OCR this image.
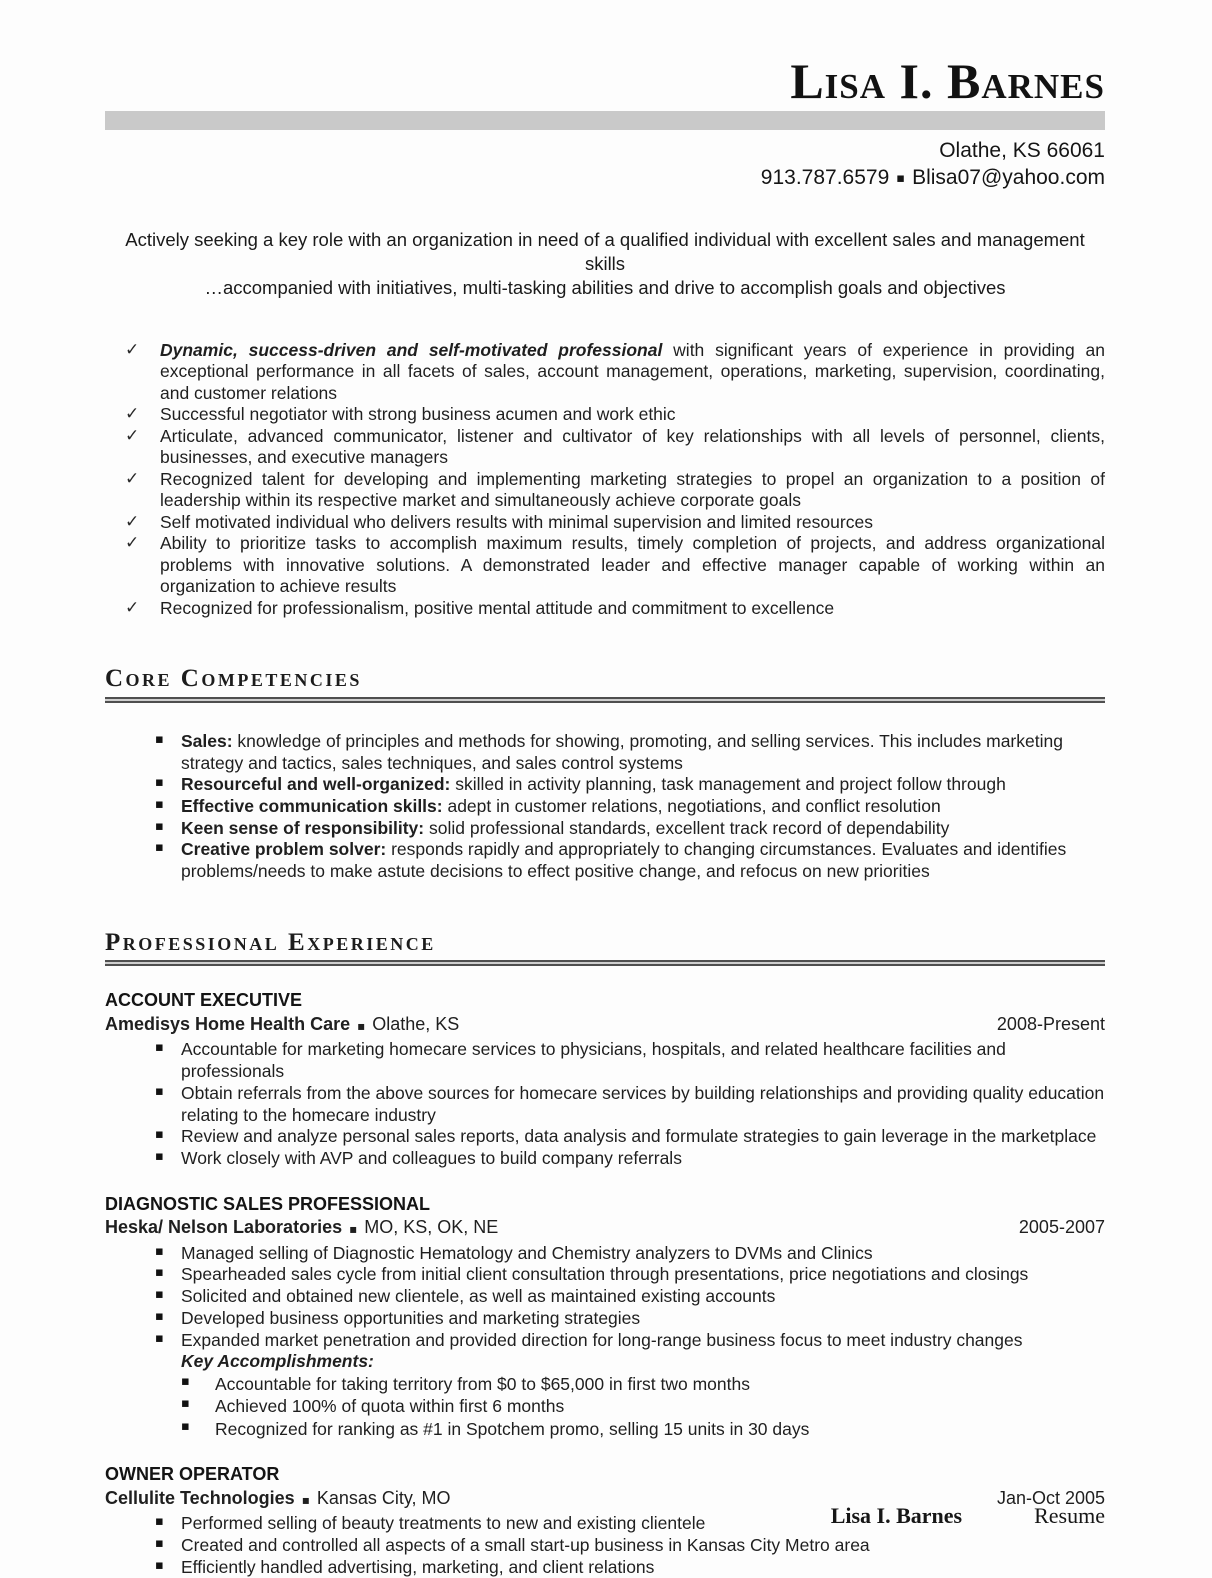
Lisa I. Barnes
Olathe, KS 66061
913.787.6579 ▪ Blisa07@yahoo.com

Actively seeking a key role with an organization in need of a qualified individual with excellent sales and management skills
…accompanied with initiatives, multi-tasking abilities and drive to accomplish goals and objectives

✓ Dynamic, success-driven and self-motivated professional with significant years of experience in providing an exceptional performance in all facets of sales, account management, operations, marketing, supervision, coordinating, and customer relations
✓ Successful negotiator with strong business acumen and work ethic
✓ Articulate, advanced communicator, listener and cultivator of key relationships with all levels of personnel, clients, businesses, and executive managers
✓ Recognized talent for developing and implementing marketing strategies to propel an organization to a position of leadership within its respective market and simultaneously achieve corporate goals
✓ Self motivated individual who delivers results with minimal supervision and limited resources
✓ Ability to prioritize tasks to accomplish maximum results, timely completion of projects, and address organizational problems with innovative solutions. A demonstrated leader and effective manager capable of working within an organization to achieve results
✓ Recognized for professionalism, positive mental attitude and commitment to excellence
Core Competencies
▪ Sales: knowledge of principles and methods for showing, promoting, and selling services. This includes marketing strategy and tactics, sales techniques, and sales control systems
▪ Resourceful and well-organized: skilled in activity planning, task management and project follow through
▪ Effective communication skills: adept in customer relations, negotiations, and conflict resolution
▪ Keen sense of responsibility: solid professional standards, excellent track record of dependability
▪ Creative problem solver: responds rapidly and appropriately to changing circumstances. Evaluates and identifies problems/needs to make astute decisions to effect positive change, and refocus on new priorities
Professional Experience
ACCOUNT EXECUTIVE
Amedisys Home Health Care ▪ Olathe, KS	2008-Present
▪ Accountable for marketing homecare services to physicians, hospitals, and related healthcare facilities and professionals
▪ Obtain referrals from the above sources for homecare services by building relationships and providing quality education relating to the homecare industry
▪ Review and analyze personal sales reports, data analysis and formulate strategies to gain leverage in the marketplace
▪ Work closely with AVP and colleagues to build company referrals
DIAGNOSTIC SALES PROFESSIONAL
Heska/ Nelson Laboratories ▪ MO, KS, OK, NE	2005-2007
▪ Managed selling of Diagnostic Hematology and Chemistry analyzers to DVMs and Clinics
▪ Spearheaded sales cycle from initial client consultation through presentations, price negotiations and closings
▪ Solicited and obtained new clientele, as well as maintained existing accounts
▪ Developed business opportunities and marketing strategies
▪ Expanded market penetration and provided direction for long-range business focus to meet industry changes
Key Accomplishments:
▪ Accountable for taking territory from $0 to $65,000 in first two months
▪ Achieved 100% of quota within first 6 months
▪ Recognized for ranking as #1 in Spotchem promo, selling 15 units in 30 days
OWNER OPERATOR
Cellulite Technologies ▪ Kansas City, MO	Jan-Oct 2005
▪ Performed selling of beauty treatments to new and existing clientele
▪ Created and controlled all aspects of a small start-up business in Kansas City Metro area
▪ Efficiently handled advertising, marketing, and client relations
Lisa I. Barnes	Resume
